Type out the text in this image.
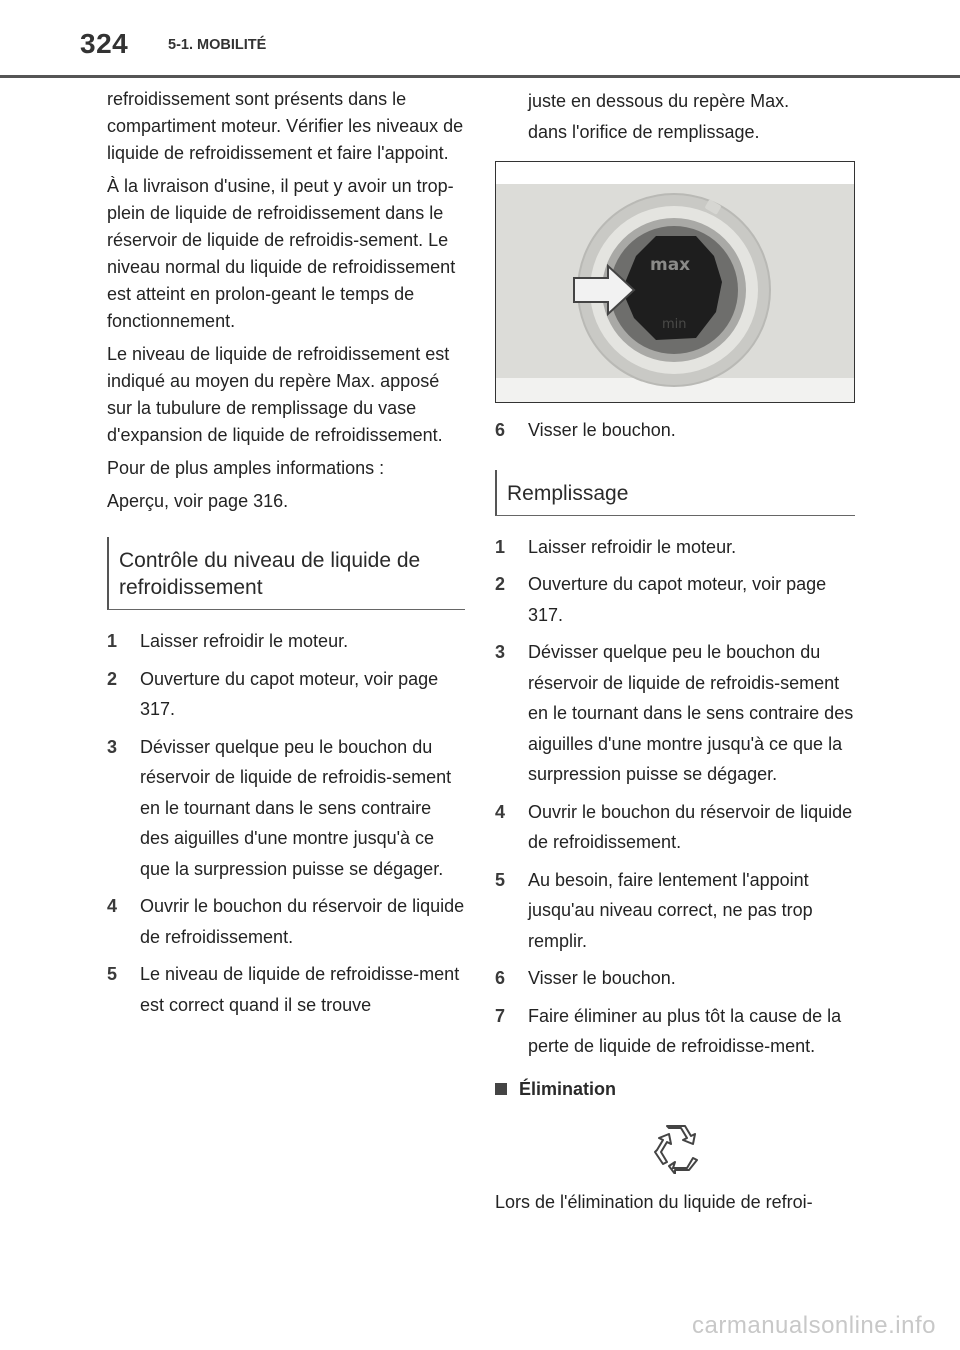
324	5-1. MOBILITÉ

refroidissement sont présents dans le compartiment moteur. Vérifier les niveaux de liquide de refroidissement et faire l'appoint.

À la livraison d'usine, il peut y avoir un trop-plein de liquide de refroidissement dans le réservoir de liquide de refroidis-sement. Le niveau normal du liquide de refroidissement est atteint en prolon-geant le temps de fonctionnement.

Le niveau de liquide de refroidissement est indiqué au moyen du repère Max. apposé sur la tubulure de remplissage du vase d'expansion de liquide de refroidissement.

Pour de plus amples informations :

Aperçu, voir page 316.

Contrôle du niveau de liquide de
refroidissement
1 Laisser refroidir le moteur.
2 Ouverture du capot moteur, voir page 317.
3 Dévisser quelque peu le bouchon du réservoir de liquide de refroidis-sement en le tournant dans le sens contraire des aiguilles d'une montre jusqu'à ce que la surpression puisse se dégager.
4 Ouvrir le bouchon du réservoir de liquide de refroidissement.
5 Le niveau de liquide de refroidisse-ment est correct quand il se trouve
juste en dessous du repère Max.
dans l'orifice de remplissage.
max
min
6 Visser le bouchon.
Remplissage
1 Laisser refroidir le moteur.
2 Ouverture du capot moteur, voir page 317.
3 Dévisser quelque peu le bouchon du réservoir de liquide de refroidis-sement en le tournant dans le sens contraire des aiguilles d'une montre jusqu'à ce que la surpression puisse se dégager.
4 Ouvrir le bouchon du réservoir de liquide de refroidissement.
5 Au besoin, faire lentement l'appoint jusqu'au niveau correct, ne pas trop remplir.
6 Visser le bouchon.
7 Faire éliminer au plus tôt la cause de la perte de liquide de refroidisse-ment.
Élimination

Lors de l'élimination du liquide de refroi-

carmanualsonline.info
